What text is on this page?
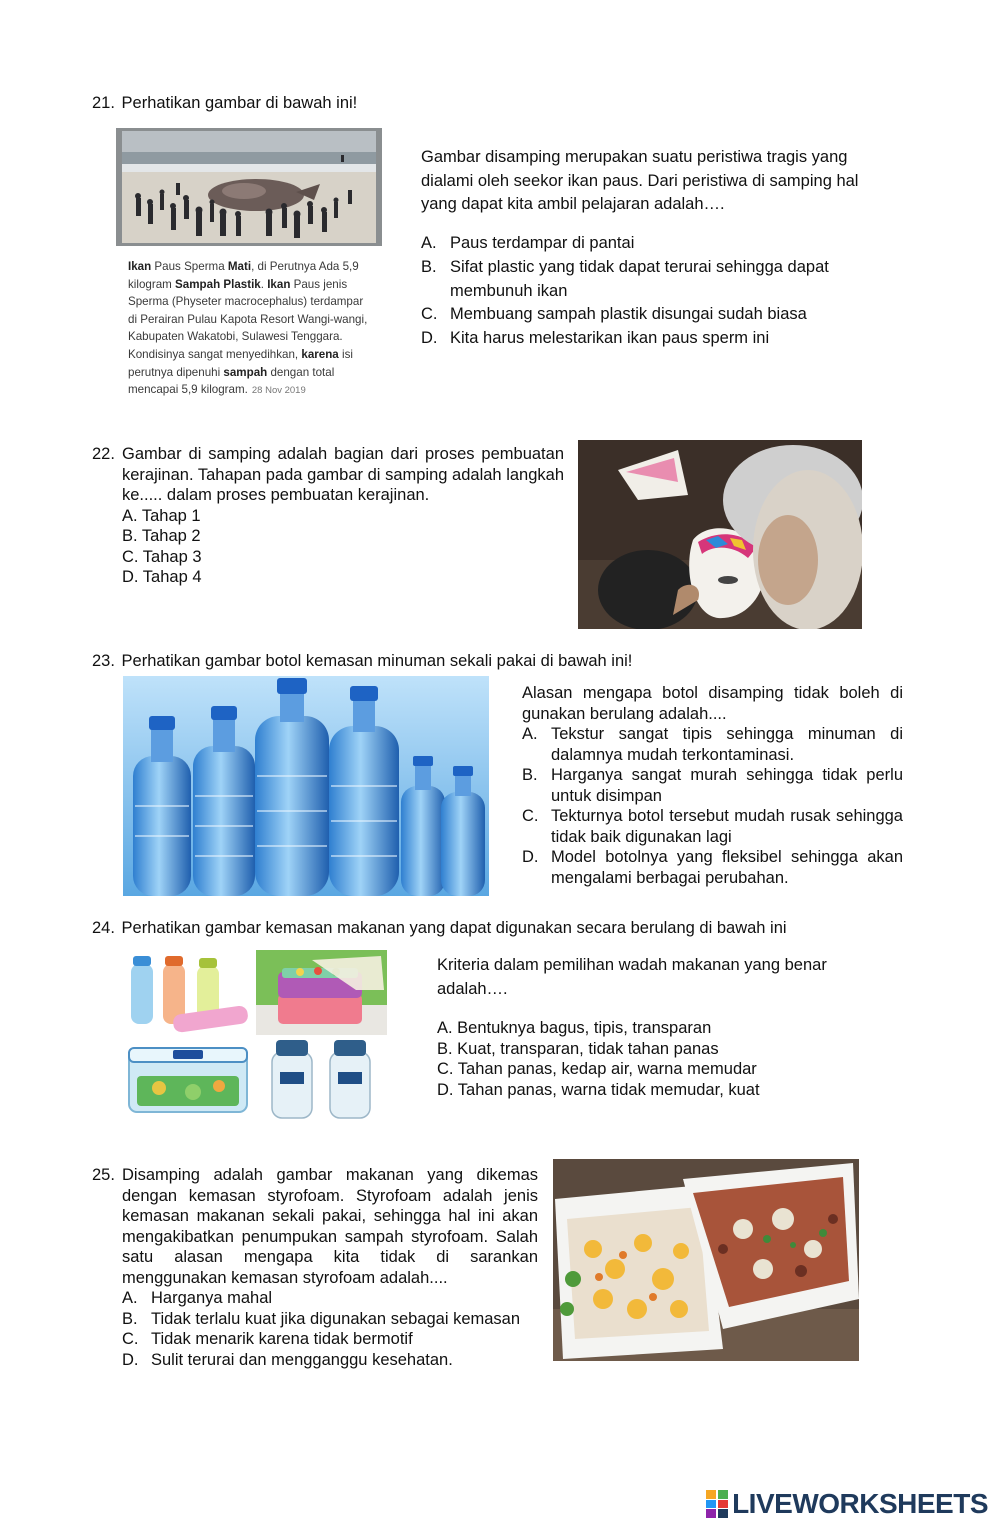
21. Perhatikan gambar di bawah ini!
Ikan Paus Sperma Mati, di Perutnya Ada 5,9 kilogram Sampah Plastik. Ikan Paus jenis Sperma (Physeter macrocephalus) terdampar di Perairan Pulau Kapota Resort Wangi-wangi, Kabupaten Wakatobi, Sulawesi Tenggara. Kondisinya sangat menyedihkan, karena isi perutnya dipenuhi sampah dengan total mencapai 5,9 kilogram. 28 Nov 2019
Gambar disamping merupakan suatu peristiwa tragis yang dialami oleh seekor ikan paus. Dari peristiwa di samping hal yang dapat kita ambil pelajaran adalah….
A. Paus terdampar di pantai
B. Sifat plastic yang tidak dapat terurai sehingga dapat membunuh ikan
C. Membuang sampah plastik disungai sudah biasa
D. Kita harus melestarikan ikan paus sperm ini
22. Gambar di samping adalah bagian dari proses pembuatan kerajinan. Tahapan pada gambar di samping adalah langkah ke..... dalam proses pembuatan kerajinan.
A. Tahap 1
B. Tahap 2
C. Tahap 3
D. Tahap 4
23. Perhatikan gambar botol kemasan minuman sekali pakai di bawah ini!
Alasan mengapa botol disamping tidak boleh di gunakan berulang adalah....
A. Tekstur sangat tipis sehingga minuman di dalamnya mudah terkontaminasi.
B. Harganya sangat murah sehingga tidak perlu untuk disimpan
C. Tekturnya botol tersebut mudah rusak sehingga tidak baik digunakan lagi
D. Model botolnya yang fleksibel sehingga akan mengalami berbagai perubahan.
24. Perhatikan gambar kemasan makanan yang dapat digunakan secara berulang di bawah ini
Kriteria dalam pemilihan wadah makanan yang benar adalah….
A. Bentuknya bagus, tipis, transparan
B. Kuat, transparan, tidak tahan panas
C. Tahan panas, kedap air, warna memudar
D. Tahan panas, warna tidak memudar, kuat
25. Disamping adalah gambar makanan yang dikemas dengan kemasan styrofoam. Styrofoam adalah jenis kemasan makanan sekali pakai, sehingga hal ini akan mengakibatkan penumpukan sampah styrofoam. Salah satu alasan mengapa kita tidak di sarankan menggunakan kemasan styrofoam adalah....
A. Harganya mahal
B. Tidak terlalu kuat jika digunakan sebagai kemasan
C. Tidak menarik karena tidak bermotif
D. Sulit terurai dan mengganggu kesehatan.
LIVEWORKSHEETS
